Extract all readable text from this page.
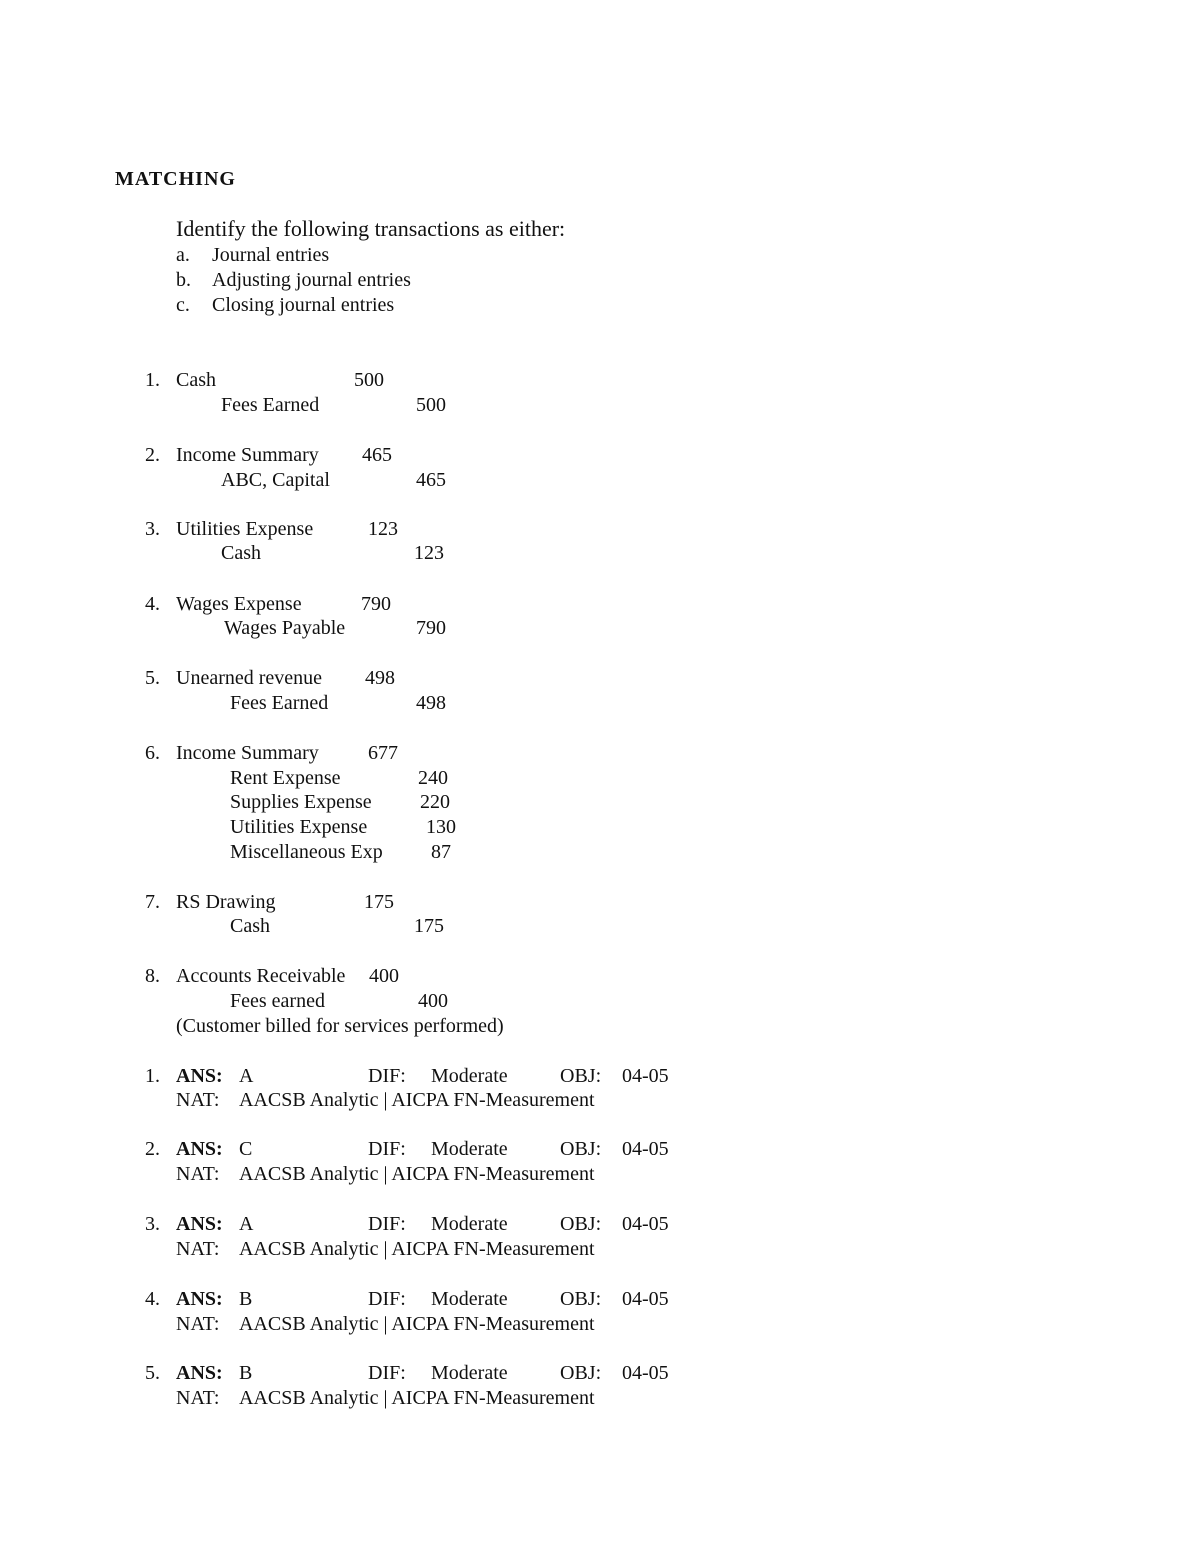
MATCHING
Identify the following transactions as either:
a. Journal entries
b. Adjusting journal entries
c. Closing journal entries
1. Cash	500
Fees Earned	500
2. Income Summary 465
ABC, Capital	465
3. Utilities Expense	123
Cash	123
4. Wages Expense	790
Wages Payable	790
5. Unearned revenue 498
Fees Earned	498
6. Income Summary 677
Rent Expense	240
Supplies Expense 220
Utilities Expense	130
Miscellaneous Exp 87
7. RS Drawing	175
Cash	175
8. Accounts Receivable 400
Fees earned	400
(Customer billed for services performed)
1. ANS: A	DIF: Moderate	OBJ: 04-05
NAT: AACSB Analytic | AICPA FN-Measurement
2. ANS: C	DIF: Moderate	OBJ: 04-05
NAT: AACSB Analytic | AICPA FN-Measurement
3. ANS: A	DIF: Moderate	OBJ: 04-05
NAT: AACSB Analytic | AICPA FN-Measurement
4. ANS: B	DIF: Moderate	OBJ: 04-05
NAT: AACSB Analytic | AICPA FN-Measurement
5. ANS: B	DIF: Moderate	OBJ: 04-05
NAT: AACSB Analytic | AICPA FN-Measurement
